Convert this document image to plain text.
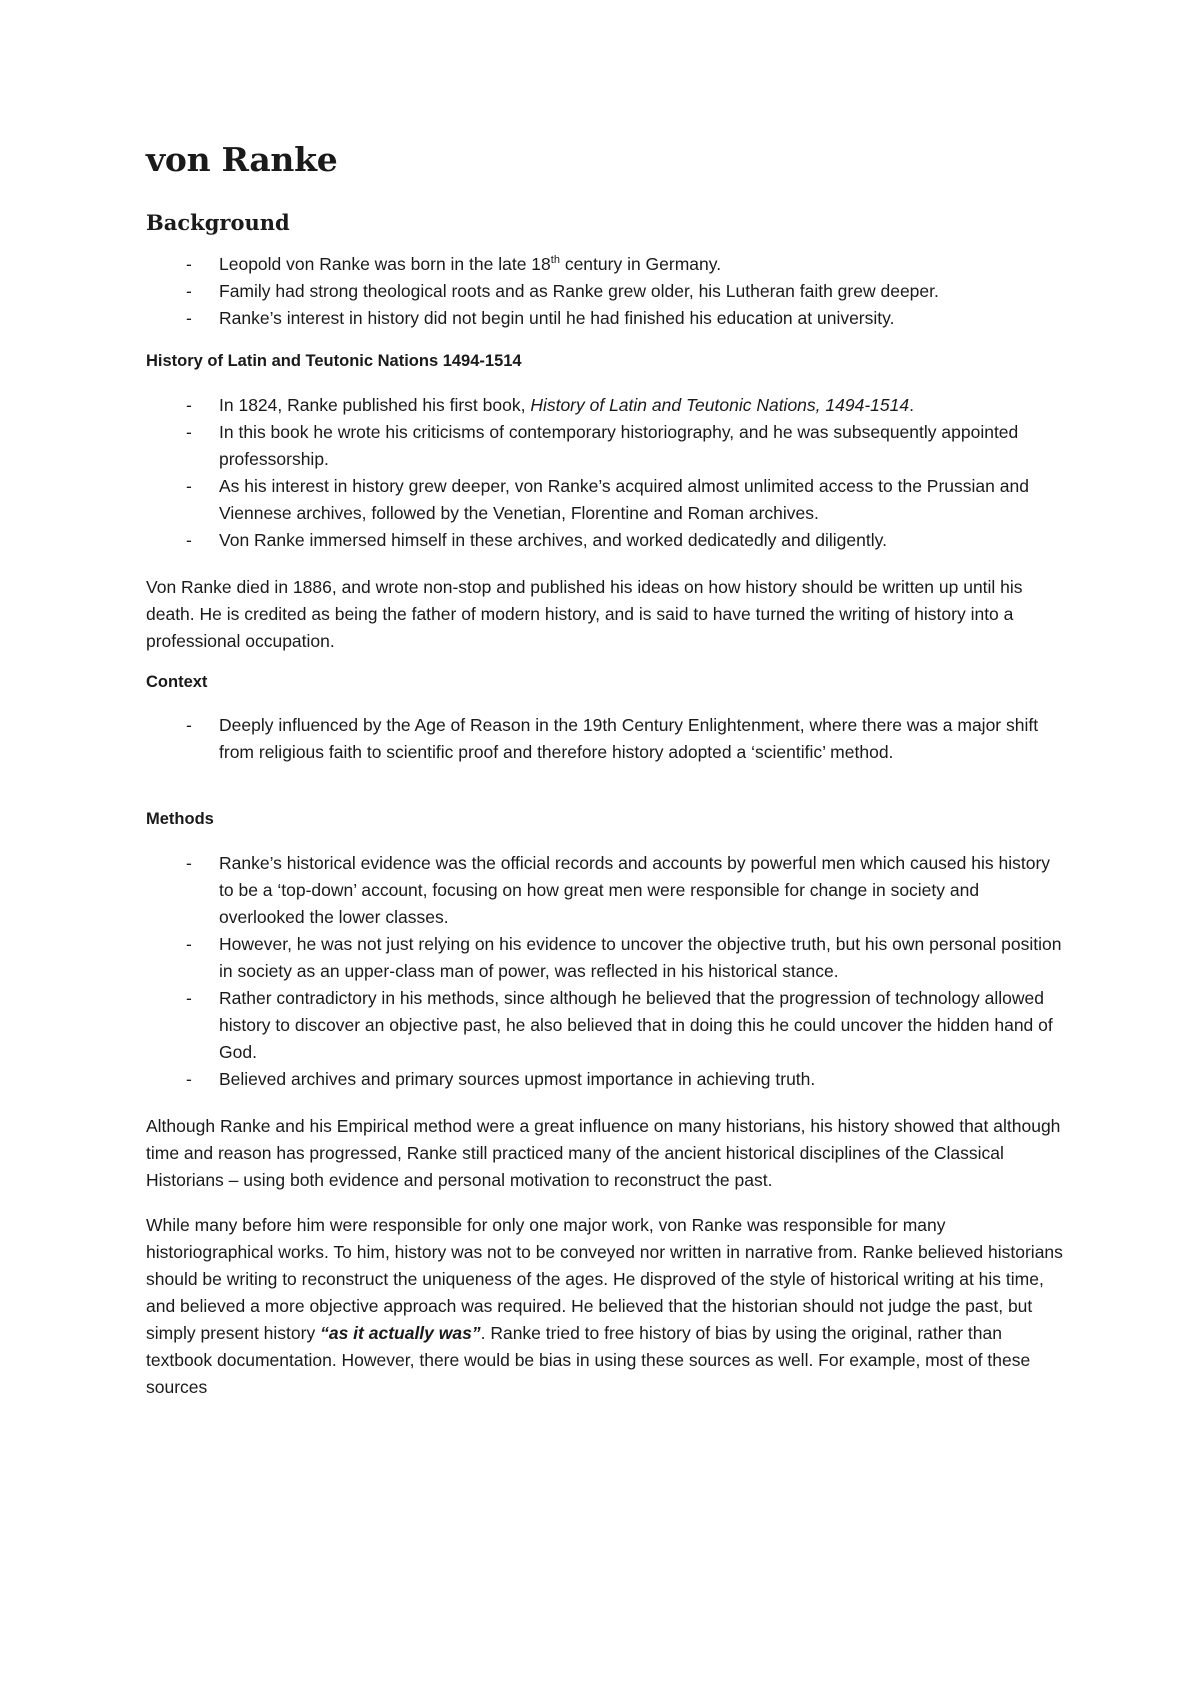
von Ranke
Background
- Leopold von Ranke was born in the late 18th century in Germany.
- Family had strong theological roots and as Ranke grew older, his Lutheran faith grew deeper.
- Ranke’s interest in history did not begin until he had finished his education at university.
History of Latin and Teutonic Nations 1494-1514
- In 1824, Ranke published his first book, History of Latin and Teutonic Nations, 1494-1514.
- In this book he wrote his criticisms of contemporary historiography, and he was subsequently appointed professorship.
- As his interest in history grew deeper, von Ranke’s acquired almost unlimited access to the Prussian and Viennese archives, followed by the Venetian, Florentine and Roman archives.
- Von Ranke immersed himself in these archives, and worked dedicatedly and diligently.

Von Ranke died in 1886, and wrote non-stop and published his ideas on how history should be written up until his death. He is credited as being the father of modern history, and is said to have turned the writing of history into a professional occupation.

Context
- Deeply influenced by the Age of Reason in the 19th Century Enlightenment, where there was a major shift from religious faith to scientific proof and therefore history adopted a ‘scientific’ method.
Methods
- Ranke’s historical evidence was the official records and accounts by powerful men which caused his history to be a ‘top-down’ account, focusing on how great men were responsible for change in society and overlooked the lower classes.
- However, he was not just relying on his evidence to uncover the objective truth, but his own personal position in society as an upper-class man of power, was reflected in his historical stance.
- Rather contradictory in his methods, since although he believed that the progression of technology allowed history to discover an objective past, he also believed that in doing this he could uncover the hidden hand of God.
- Believed archives and primary sources upmost importance in achieving truth.

Although Ranke and his Empirical method were a great influence on many historians, his history showed that although time and reason has progressed, Ranke still practiced many of the ancient historical disciplines of the Classical Historians – using both evidence and personal motivation to reconstruct the past.

While many before him were responsible for only one major work, von Ranke was responsible for many historiographical works. To him, history was not to be conveyed nor written in narrative from. Ranke believed historians should be writing to reconstruct the uniqueness of the ages. He disproved of the style of historical writing at his time, and believed a more objective approach was required. He believed that the historian should not judge the past, but simply present history “as it actually was”. Ranke tried to free history of bias by using the original, rather than textbook documentation. However, there would be bias in using these sources as well. For example, most of these sources
